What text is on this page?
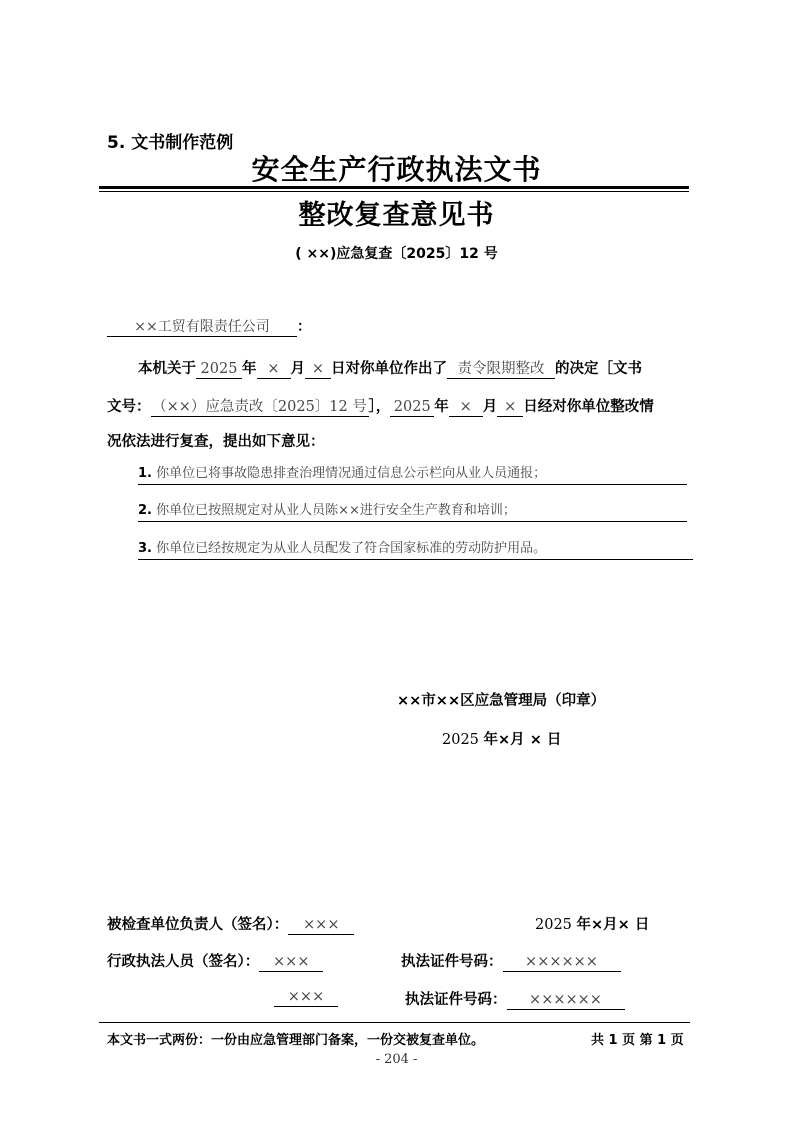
5. 文书制作范例
安全生产行政执法文书
整改复查意见书
( ××)应急复查〔2025〕12 号
××工贸有限责任公司 ：
本机关于 2025 年 × 月 × 日对你单位作出了 责令限期整改 的决定［文书
文号： （××）应急责改〔2025〕12 号 ］， 2025 年 × 月 × 日经对你单位整改情
况依法进行复查，提出如下意见：
1. 你单位已将事故隐患排查治理情况通过信息公示栏向从业人员通报；
2. 你单位已按照规定对从业人员陈××进行安全生产教育和培训；
3. 你单位已经按规定为从业人员配发了符合国家标准的劳动防护用品。
××市××区应急管理局（印章）
2025 年×月 × 日
被检查单位负责人（签名）： ×××	2025 年×月× 日
行政执法人员（签名）： ×××	执法证件号码： ××××××
×××	执法证件号码： ××××××
本文书一式两份：一份由应急管理部门备案，一份交被复查单位。	共 1 页 第 1 页
- 204 -
